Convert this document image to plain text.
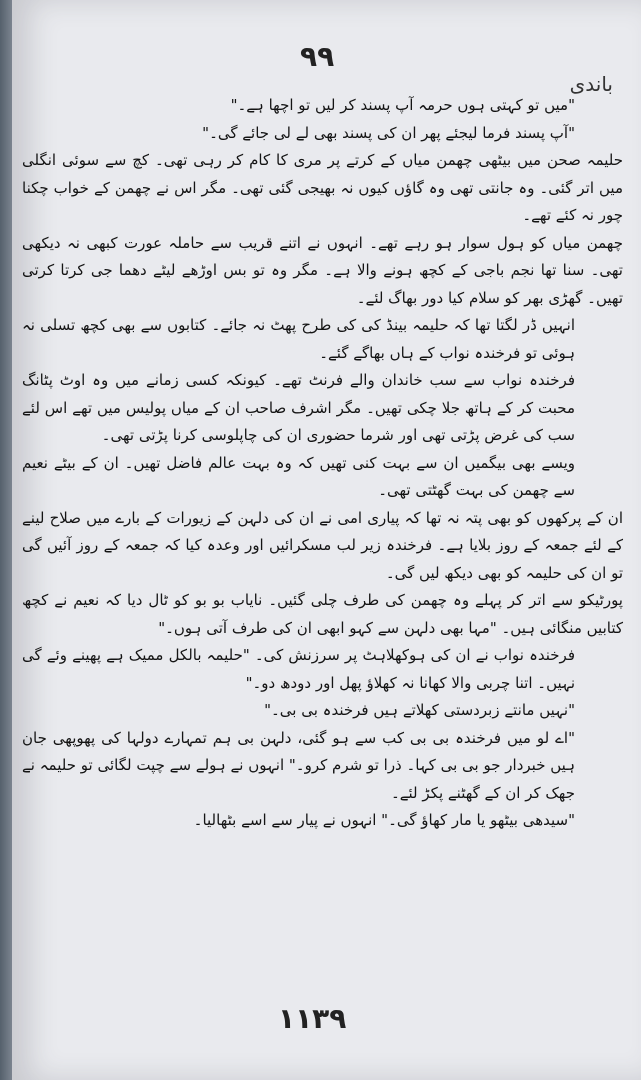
۹۹
باندی

"میں تو کہتی ہوں حرمہ آپ پسند کر لیں تو اچھا ہے۔"

"آپ پسند فرما لیجئے پھر ان کی پسند بھی لے لی جائے گی۔"

حلیمہ صحن میں بیٹھی چھمن میاں کے کرتے پر مری کا کام کر رہی تھی۔ کچ سے سوئی انگلی میں اتر گئی۔ وہ جانتی تھی وہ گاؤں کیوں نہ بھیجی گئی تھی۔ مگر اس نے چھمن کے خواب چکنا چور نہ کئے تھے۔

چھمن میاں کو ہول سوار ہو رہے تھے۔ انہوں نے اتنے قریب سے حاملہ عورت کبھی نہ دیکھی تھی۔ سنا تھا نجم باجی کے کچھ ہونے والا ہے۔ مگر وہ تو بس اوڑھے لیٹے دھما جی کرتا کرتی تھیں۔ گھڑی بھر کو سلام کیا دور بھاگ لئے۔

انہیں ڈر لگتا تھا کہ حلیمہ بینڈ کی کی طرح پھٹ نہ جائے۔ کتابوں سے بھی کچھ تسلی نہ ہوئی تو فرخندہ نواب کے ہاں بھاگے گئے۔

فرخندہ نواب سے سب خاندان والے فرنٹ تھے۔ کیونکہ کسی زمانے میں وہ اوٹ پٹانگ محبت کر کے ہاتھ جلا چکی تھیں۔ مگر اشرف صاحب ان کے میاں پولیس میں تھے اس لئے سب کی غرض پڑتی تھی اور شرما حضوری ان کی چاپلوسی کرنا پڑتی تھی۔

ویسے بھی بیگمیں ان سے بہت کنی تھیں کہ وہ بہت عالم فاضل تھیں۔ ان کے بیٹے نعیم سے چھمن کی بہت گھٹتی تھی۔

ان کے پرکھوں کو بھی پتہ نہ تھا کہ پیاری امی نے ان کی دلہن کے زیورات کے بارے میں صلاح لینے کے لئے جمعہ کے روز بلایا ہے۔ فرخندہ زیر لب مسکرائیں اور وعدہ کیا کہ جمعہ کے روز آئیں گی تو ان کی حلیمہ کو بھی دیکھ لیں گی۔

پورٹیکو سے اتر کر پہلے وہ چھمن کی طرف چلی گئیں۔ نایاب بو بو کو ٹال دیا کہ نعیم نے کچھ کتابیں منگائی ہیں۔ "مہا بھی دلہن سے کہو ابھی ان کی طرف آتی ہوں۔"

فرخندہ نواب نے ان کی ہوکھلاہٹ پر سرزنش کی۔ "حلیمہ بالکل ممیک ہے پھینے وئے گی نہیں۔ اتنا چربی والا کھانا نہ کھلاؤ پھل اور دودھ دو۔"

"نہیں مانتے زبردستی کھلاتے ہیں فرخندہ بی بی۔"

"اے لو میں فرخندہ بی بی کب سے ہو گئی، دلہن بی ہم تمہارے دولہا کی پھوپھی جان ہیں خبردار جو بی بی کہا۔ ذرا تو شرم کرو۔" انہوں نے ہولے سے چپت لگائی تو حلیمہ نے جھک کر ان کے گھٹنے پکڑ لئے۔

"سیدھی بیٹھو یا مار کھاؤ گی۔" انہوں نے پیار سے اسے بٹھالیا۔

۱۱۳۹
